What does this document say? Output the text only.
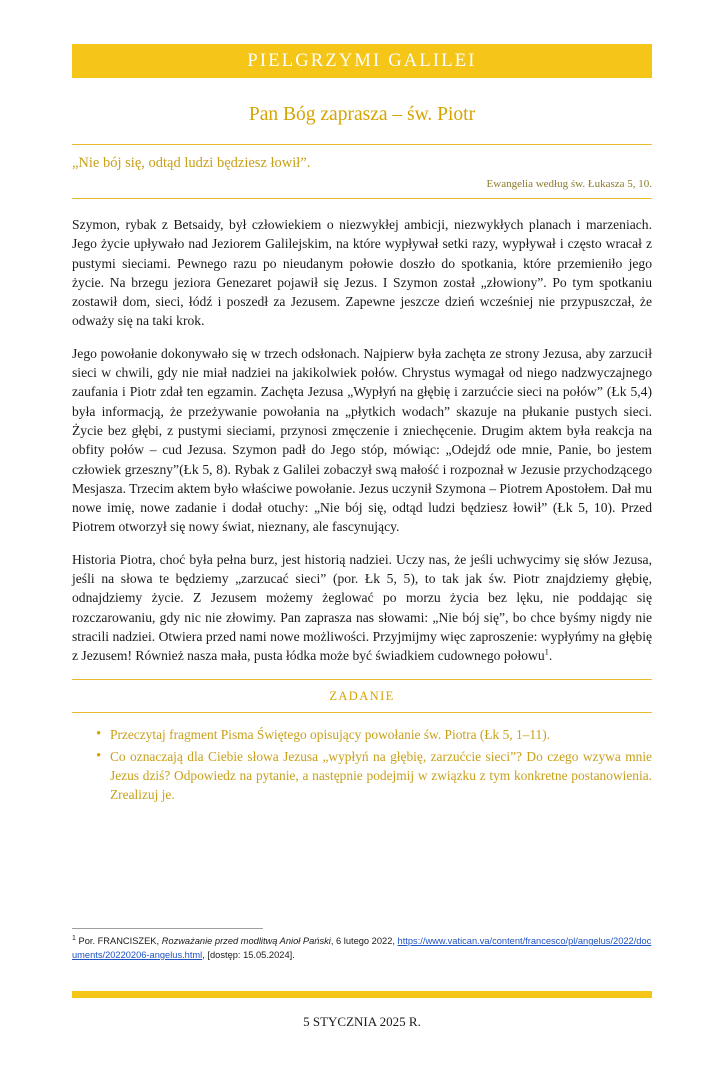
PIELGRZYMI GALILEI
Pan Bóg zaprasza – św. Piotr
„Nie bój się, odtąd ludzi będziesz łowił”.
Ewangelia według św. Łukasza 5, 10.

Szymon, rybak z Betsaidy, był człowiekiem o niezwykłej ambicji, niezwykłych planach i marzeniach. Jego życie upływało nad Jeziorem Galilejskim, na które wypływał setki razy, wypływał i często wracał z pustymi sieciami. Pewnego razu po nieudanym połowie doszło do spotkania, które przemieniło jego życie. Na brzegu jeziora Genezaret pojawił się Jezus. I Szymon został „złowiony”. Po tym spotkaniu zostawił dom, sieci, łódź i poszedł za Jezusem. Zapewne jeszcze dzień wcześniej nie przypuszczał, że odważy się na taki krok.

Jego powołanie dokonywało się w trzech odsłonach. Najpierw była zachęta ze strony Jezusa, aby zarzucił sieci w chwili, gdy nie miał nadziei na jakikolwiek połów. Chrystus wymagał od niego nadzwyczajnego zaufania i Piotr zdał ten egzamin. Zachęta Jezusa „Wypłyń na głębię i zarzućcie sieci na połów” (Łk 5,4) była informacją, że przeżywanie powołania na „płytkich wodach” skazuje na płukanie pustych sieci. Życie bez głębi, z pustymi sieciami, przynosi zmęczenie i zniechęcenie. Drugim aktem była reakcja na obfity połów – cud Jezusa. Szymon padł do Jego stóp, mówiąc: „Odejdź ode mnie, Panie, bo jestem człowiek grzeszny”(Łk 5, 8). Rybak z Galilei zobaczył swą małość i rozpoznał w Jezusie przychodzącego Mesjasza. Trzecim aktem było właściwe powołanie. Jezus uczynił Szymona – Piotrem Apostołem. Dał mu nowe imię, nowe zadanie i dodał otuchy: „Nie bój się, odtąd ludzi będziesz łowił” (Łk 5, 10). Przed Piotrem otworzył się nowy świat, nieznany, ale fascynujący.

Historia Piotra, choć była pełna burz, jest historią nadziei. Uczy nas, że jeśli uchwycimy się słów Jezusa, jeśli na słowa te będziemy „zarzucać sieci” (por. Łk 5, 5), to tak jak św. Piotr znajdziemy głębię, odnajdziemy życie. Z Jezusem możemy żeglować po morzu życia bez lęku, nie poddając się rozczarowaniu, gdy nic nie złowimy. Pan zaprasza nas słowami: „Nie bój się”, bo chce byśmy nigdy nie stracili nadziei. Otwiera przed nami nowe możliwości. Przyjmijmy więc zaproszenie: wypłyńmy na głębię z Jezusem! Również nasza mała, pusta łódka może być świadkiem cudownego połowu$^1$.

ZADANIE
• Przeczytaj fragment Pisma Świętego opisujący powołanie św. Piotra (Łk 5, 1–11).
• Co oznaczają dla Ciebie słowa Jezusa „wypłyń na głębię, zarzućcie sieci”? Do czego wzywa mnie Jezus dziś? Odpowiedz na pytanie, a następnie podejmij w związku z tym konkretne postanowienia. Zrealizuj je.
$^1$ Por. FRANCISZEK, Rozważanie przed modlitwą Anioł Pański, 6 lutego 2022, https://www.vatican.va/content/francesco/pl/angelus/2022/documents/20220206-angelus.html, [dostęp: 15.05.2024].
5 STYCZNIA 2025 R.
